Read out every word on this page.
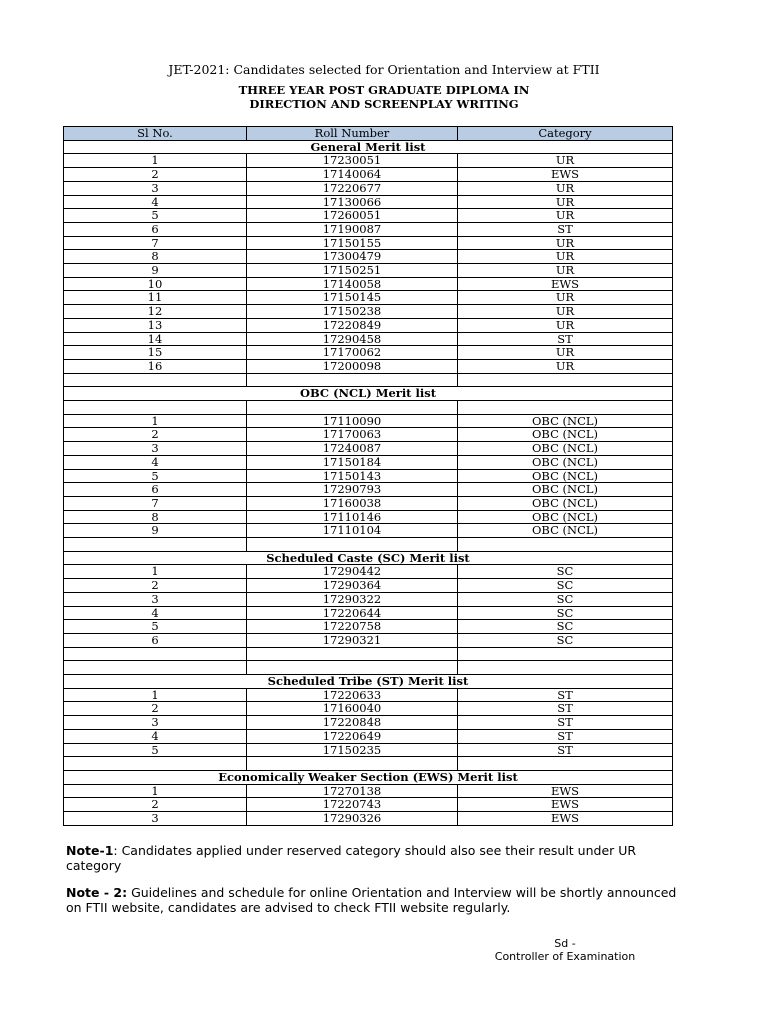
JET-2021: Candidates selected for Orientation and Interview at FTII
THREE YEAR POST GRADUATE DIPLOMA IN
DIRECTION AND SCREENPLAY WRITING
Sl No.	Roll Number	Category
General Merit list		
1	17230051	UR
2	17140064	EWS
3	17220677	UR
4	17130066	UR
5	17260051	UR
6	17190087	ST
7	17150155	UR
8	17300479	UR
9	17150251	UR
10	17140058	EWS
11	17150145	UR
12	17150238	UR
13	17220849	UR
14	17290458	ST
15	17170062	UR
16	17200098	UR

OBC (NCL) Merit list		

1	17110090	OBC (NCL)
2	17170063	OBC (NCL)
3	17240087	OBC (NCL)
4	17150184	OBC (NCL)
5	17150143	OBC (NCL)
6	17290793	OBC (NCL)
7	17160038	OBC (NCL)
8	17110146	OBC (NCL)
9	17110104	OBC (NCL)

Scheduled Caste (SC) Merit list		
1	17290442	SC
2	17290364	SC
3	17290322	SC
4	17220644	SC
5	17220758	SC
6	17290321	SC

Scheduled Tribe (ST) Merit list		
1	17220633	ST
2	17160040	ST
3	17220848	ST
4	17220649	ST
5	17150235	ST

Economically Weaker Section (EWS) Merit list		
1	17270138	EWS
2	17220743	EWS
3	17290326	EWS
Note-1: Candidates applied under reserved category should also see their result under UR category
Note - 2: Guidelines and schedule for online Orientation and Interview will be shortly announced on FTII website, candidates are advised to check FTII website regularly.
Sd -
Controller of Examination
